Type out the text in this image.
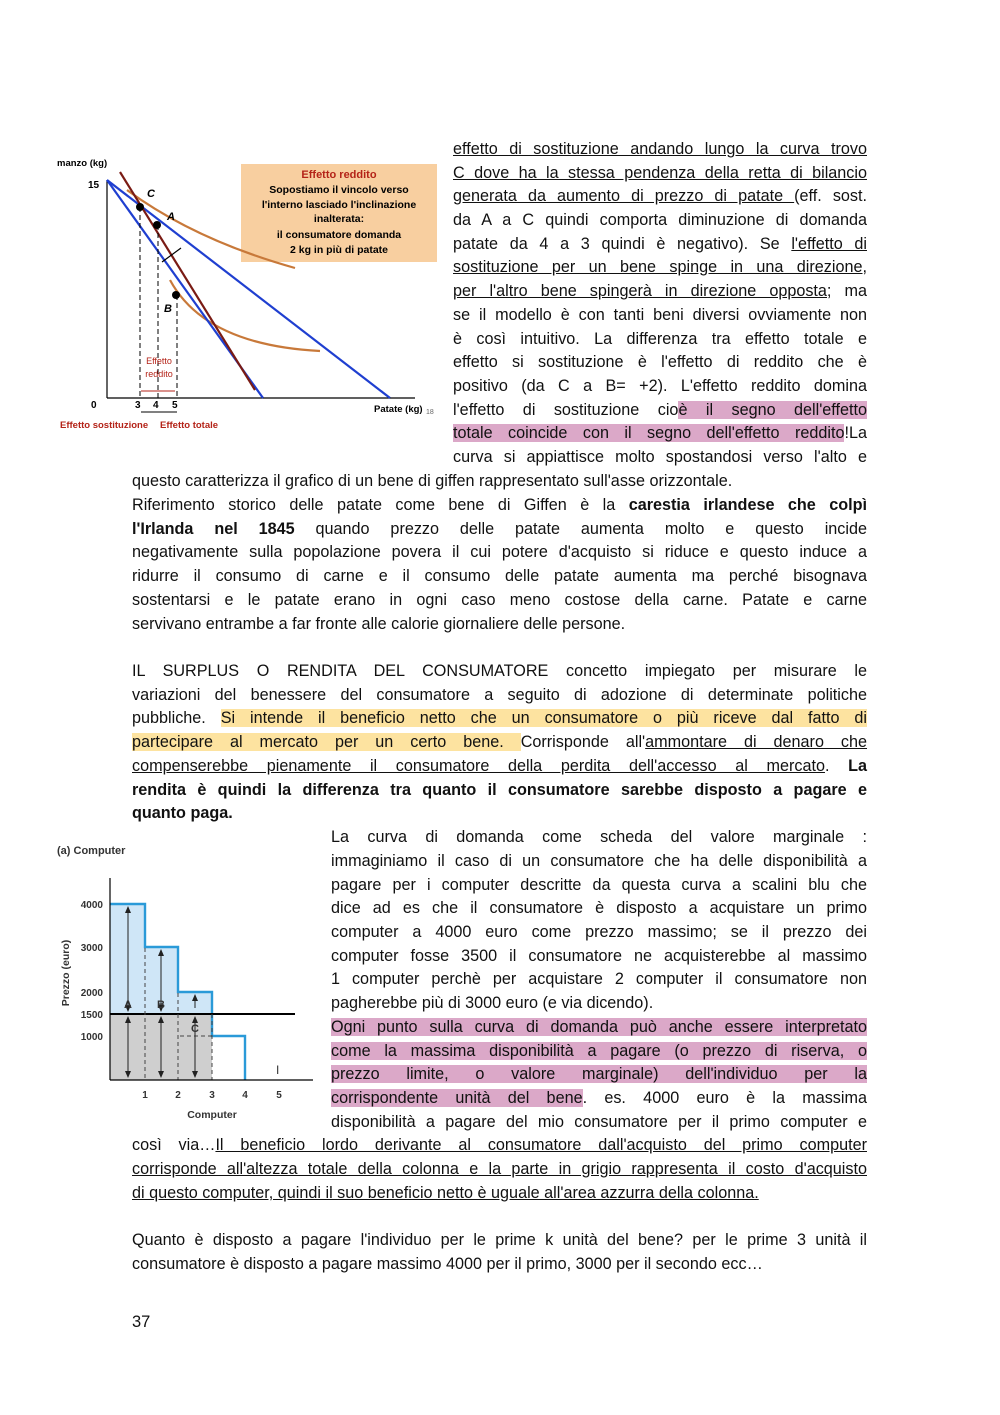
manzo (kg)
15
0	Patate (kg) 18
Effetto reddito
Sopostiamo il vincolo verso
l'interno lasciado l'inclinazione
inalterata:
il consumatore domanda
2 kg in più di patate
C
A
B
Effetto
reddito
3 4 5
Effetto sostituzione Effetto totale
(a) Computer
Prezzo (euro)
4000
3000
2000
1500
1000
1	2	3	4	5
Computer
A B
C
I
effetto di sostituzione andando lungo la curva trovo
C dove ha la stessa pendenza della retta di bilancio
generata da aumento di prezzo di patate (eff. sost.
da A a C quindi comporta diminuzione di domanda
patate da 4 a 3 quindi è negativo). Se l'effetto di
sostituzione per un bene spinge in una direzione,
per l'altro bene spingerà in direzione opposta; ma
se il modello è con tanti beni diversi ovviamente non
è così intuitivo. La differenza tra effetto totale e
effetto si sostituzione è l'effetto di reddito che è
positivo (da C a B= +2). L'effetto reddito domina
l'effetto di sostituzione cioè il segno dell'effetto
totale coincide con il segno dell'effetto reddito!La
curva si appiattisce molto spostandosi verso l'alto e
questo caratterizza il grafico di un bene di giffen rappresentato sull'asse orizzontale.
Riferimento storico delle patate come bene di Giffen è la carestia irlandese che colpì
l'Irlanda nel 1845 quando prezzo delle patate aumenta molto e questo incide
negativamente sulla popolazione povera il cui potere d'acquisto si riduce e questo induce a
ridurre il consumo di carne e il consumo delle patate aumenta ma perché bisognava
sostentarsi e le patate erano in ogni caso meno costose della carne. Patate e carne
servivano entrambe a far fronte alle calorie giornaliere delle persone.
IL SURPLUS O RENDITA DEL CONSUMATORE concetto impiegato per misurare le
variazioni del benessere del consumatore a seguito di adozione di determinate politiche
pubbliche. Si intende il beneficio netto che un consumatore o più riceve dal fatto di
partecipare al mercato per un certo bene. Corrisponde all'ammontare di denaro che
compenserebbe pienamente il consumatore della perdita dell'accesso al mercato. La
rendita è quindi la differenza tra quanto il consumatore sarebbe disposto a pagare e
quanto paga.
La curva di domanda come scheda del valore marginale :
immaginiamo il caso di un consumatore che ha delle disponibilità a
pagare per i computer descritte da questa curva a scalini blu che
dice ad es che il consumatore è disposto a acquistare un primo
computer a 4000 euro come prezzo massimo; se il prezzo dei
computer fosse 3500 il consumatore ne acquisterebbe al massimo
1 computer perchè per acquistare 2 computer il consumatore non
pagherebbe più di 3000 euro (e via dicendo).
Ogni punto sulla curva di domanda può anche essere interpretato
come la massima disponibilità a pagare (o prezzo di riserva, o
prezzo limite, o valore marginale) dell'individuo per la
corrispondente unità del bene. es. 4000 euro è la massima
disponibilità a pagare del mio consumatore per il primo computer e
così via…Il beneficio lordo derivante al consumatore dall'acquisto del primo computer
corrisponde all'altezza totale della colonna e la parte in grigio rappresenta il costo d'acquisto
di questo computer, quindi il suo beneficio netto è uguale all'area azzurra della colonna.
Quanto è disposto a pagare l'individuo per le prime k unità del bene? per le prime 3 unità il
consumatore è disposto a pagare massimo 4000 per il primo, 3000 per il secondo ecc…
37
